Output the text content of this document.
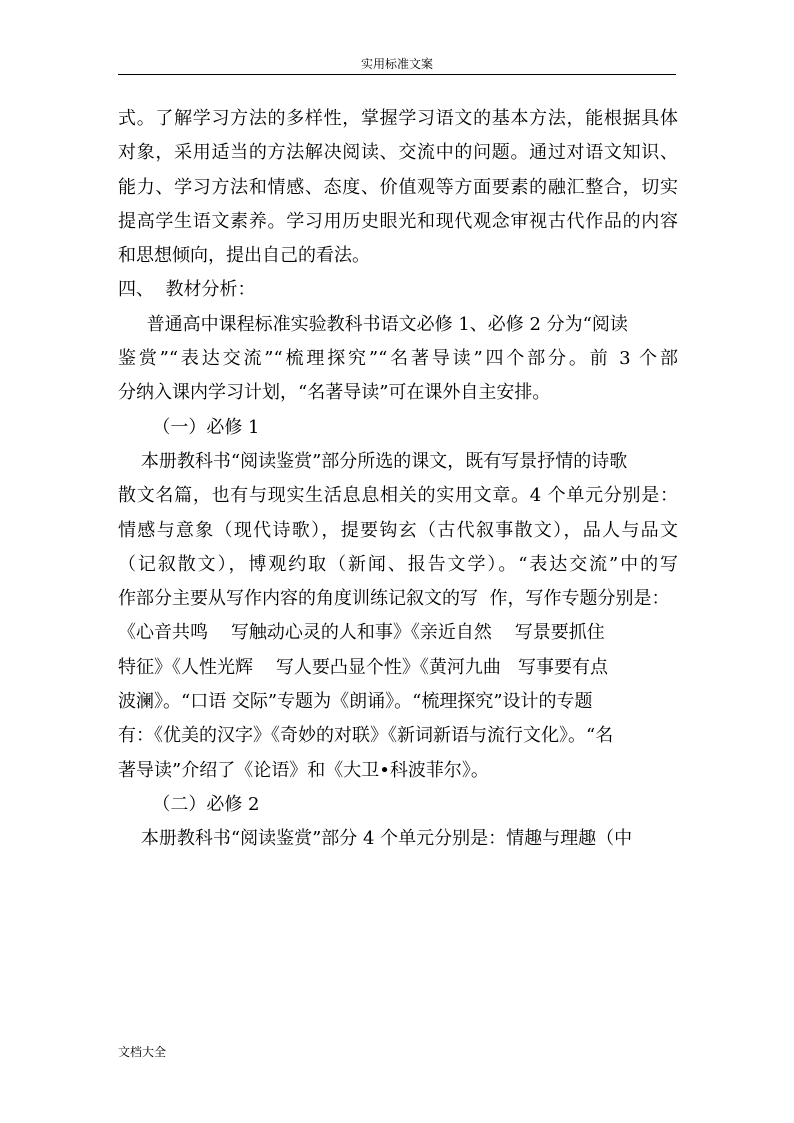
实用标准文案
式。了解学习方法的多样性，掌握学习语文的基本方法，能根据具体
对象，采用适当的方法解决阅读、交流中的问题。通过对语文知识、
能力、学习方法和情感、态度、价值观等方面要素的融汇整合，切实
提高学生语文素养。学习用历史眼光和现代观念审视古代作品的内容
和思想倾向，提出自己的看法。
四、  教材分析：
普通高中课程标准实验教科书语文必修 1、必修 2 分为“阅读
鉴赏”“表达交流”“梳理探究”“名著导读”四个部分。前 3 个部
分纳入课内学习计划，“名著导读”可在课外自主安排。
（一）必修 1
本册教科书“阅读鉴赏”部分所选的课文，既有写景抒情的诗歌
散文名篇，也有与现实生活息息相关的实用文章。4 个单元分别是：
情感与意象（现代诗歌），提要钩玄（古代叙事散文），品人与品文
（记叙散文），博观约取（新闻、报告文学）。“表达交流”中的写
作部分主要从写作内容的角度训练记叙文的写  作，写作专题分别是：
《心音共鸣    写触动心灵的人和事》《亲近自然    写景要抓住
特征》《人性光辉    写人要凸显个性》《黄河九曲   写事要有点
波澜》。“口语 交际”专题为《朗诵》。“梳理探究”设计的专题
有：《优美的汉字》《奇妙的对联》《新词新语与流行文化》。“名
著导读”介绍了《论语》和《大卫•科波菲尔》。
（二）必修 2
本册教科书“阅读鉴赏”部分 4 个单元分别是：情趣与理趣（中
文档大全
